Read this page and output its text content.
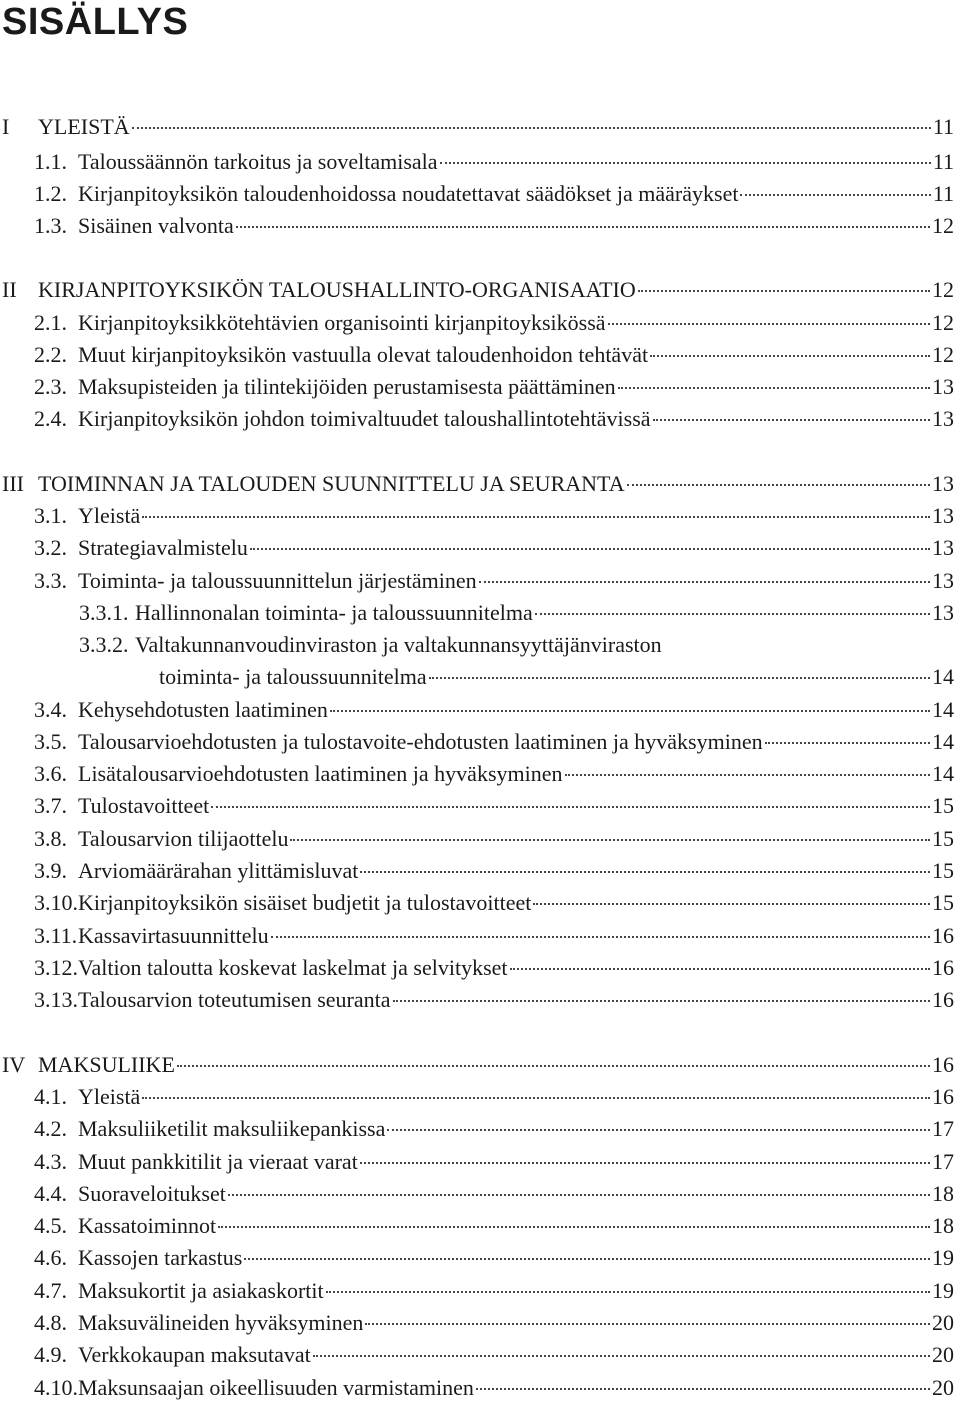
SISÄLLYS
I	YLEISTÄ	11
1.1. Taloussäännön tarkoitus ja soveltamisala	11
1.2. Kirjanpitoyksikön taloudenhoidossa noudatettavat säädökset ja määräykset	11
1.3. Sisäinen valvonta	12
II KIRJANPITOYKSIKÖN TALOUSHALLINTO-ORGANISAATIO	12
2.1. Kirjanpitoyksikkötehtävien organisointi kirjanpitoyksikössä	12
2.2. Muut kirjanpitoyksikön vastuulla olevat taloudenhoidon tehtävät	12
2.3. Maksupisteiden ja tilintekijöiden perustamisesta päättäminen	13
2.4. Kirjanpitoyksikön johdon toimivaltuudet taloushallintotehtävissä	13
III TOIMINNAN JA TALOUDEN SUUNNITTELU JA SEURANTA	13
3.1. Yleistä	13
3.2. Strategiavalmistelu	13
3.3. Toiminta- ja taloussuunnittelun järjestäminen	13
3.3.1. Hallinnonalan toiminta- ja taloussuunnitelma	13
3.3.2. Valtakunnanvoudinviraston ja valtakunnansyyttäjänviraston
toiminta- ja taloussuunnitelma	14
3.4. Kehysehdotusten laatiminen	14
3.5. Talousarvioehdotusten ja tulostavoite-ehdotusten laatiminen ja hyväksyminen	14
3.6. Lisätalousarvioehdotusten laatiminen ja hyväksyminen	14
3.7. Tulostavoitteet	15
3.8. Talousarvion tilijaottelu	15
3.9. Arviomäärärahan ylittämisluvat	15
3.10. Kirjanpitoyksikön sisäiset budjetit ja tulostavoitteet	15
3.11. Kassavirtasuunnittelu	16
3.12. Valtion taloutta koskevat laskelmat ja selvitykset	16
3.13. Talousarvion toteutumisen seuranta	16
IV MAKSULIIKE	16
4.1. Yleistä	16
4.2. Maksuliiketilit maksuliikepankissa	17
4.3. Muut pankkitilit ja vieraat varat	17
4.4. Suoraveloitukset	18
4.5. Kassatoiminnot	18
4.6. Kassojen tarkastus	19
4.7. Maksukortit ja asiakaskortit	19
4.8. Maksuvälineiden hyväksyminen	20
4.9. Verkkokaupan maksutavat	20
4.10. Maksunsaajan oikeellisuuden varmistaminen	20
